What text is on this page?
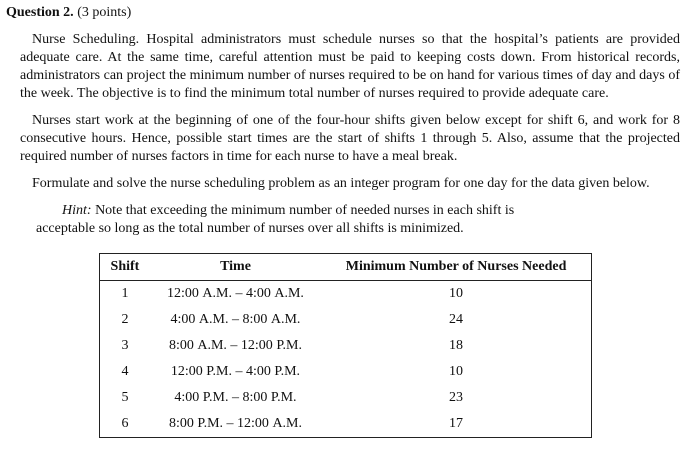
Question 2. (3 points)
Nurse Scheduling. Hospital administrators must schedule nurses so that the hospital’s patients are provided adequate care. At the same time, careful attention must be paid to keeping costs down. From historical records, administrators can project the minimum number of nurses required to be on hand for various times of day and days of the week. The objective is to find the minimum total number of nurses required to provide adequate care.
Nurses start work at the beginning of one of the four-hour shifts given below except for shift 6, and work for 8 consecutive hours. Hence, possible start times are the start of shifts 1 through 5. Also, assume that the projected required number of nurses factors in time for each nurse to have a meal break.
Formulate and solve the nurse scheduling problem as an integer program for one day for the data given below.
Hint: Note that exceeding the minimum number of needed nurses in each shift is
acceptable so long as the total number of nurses over all shifts is minimized.
Shift	Time	Minimum Number of Nurses Needed
1	12:00 A.M. – 4:00 A.M.	10
2	4:00 A.M. – 8:00 A.M.	24
3	8:00 A.M. – 12:00 P.M.	18
4	12:00 P.M. – 4:00 P.M.	10
5	4:00 P.M. – 8:00 P.M.	23
6	8:00 P.M. – 12:00 A.M.	17
